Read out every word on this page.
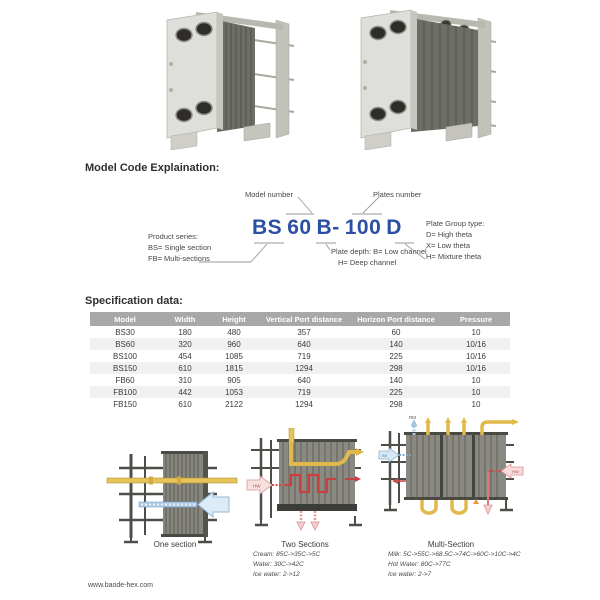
Model Code Explaination:
Model number	Plates number
BS 60 B- 100 D
Product series:
BS= Single section
FB= Multi-sections
Plate depth: B= Low channel
H= Deep channel
Plate Group type:
D= High theta
X= Low theta
H= Mixture theta
Specification data:
Model	Width	Height	Vertical Port distance	Horizon Port distance	Pressure
BS30	180	480	357	60	10
BS60	320	960	640	140	10/16
BS100	454	1085	719	225	10/16
BS150	610	1815	1294	298	10/16
FB60	310	905	640	140	10
FB100	442	1053	719	225	10
FB150	610	2122	1294	298	10
One section
HW
Two Sections
Cream: 85C->35C->5C
Water: 30C->42C
Ice water: 2->12
RM
IW
HW
Multi-Section
Milk: 5C->55C->68.5C->74C->60C->10C->4C
Hot Water: 80C->77C
Ice water: 2->7
www.baode-hex.com
